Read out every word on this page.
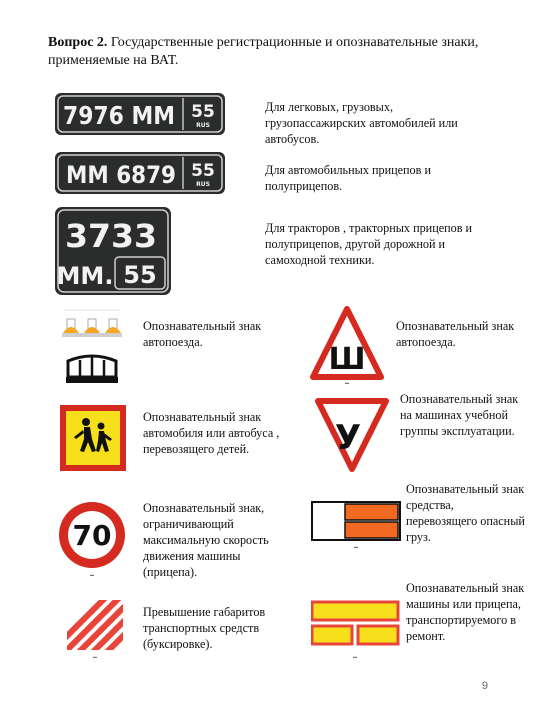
Вопрос 2. Государственные регистрационные и опознавательные знаки, применяемые на ВАТ.
7976 ММ 55
RUS
Для легковых, грузовых, грузопассажирских автомобилей или автобусов.
ММ 6879 55
RUS
Для автомобильных прицепов и полуприцепов.
3733
ММ. 55
Для тракторов , тракторных прицепов и полуприцепов, другой дорожной и самоходной техники.
Опознавательный знак автопоезда.	Ш
▬
Опознавательный знак автопоезда.
Опознавательный знак автомобиля или автобуса , перевозящего детей.	У
Опознавательный знак на машинах учебной группы эксплуатации.
70
▬
Опознавательный знак, ограничивающий максимальную скорость движения машины (прицепа).
▬
Опознавательный знак средства, перевозящего опасный груз.
▬
Превышение габаритов транспортных средств (буксировке).
▬
Опознавательный знак машины или прицепа, транспортируемого в ремонт.
9
